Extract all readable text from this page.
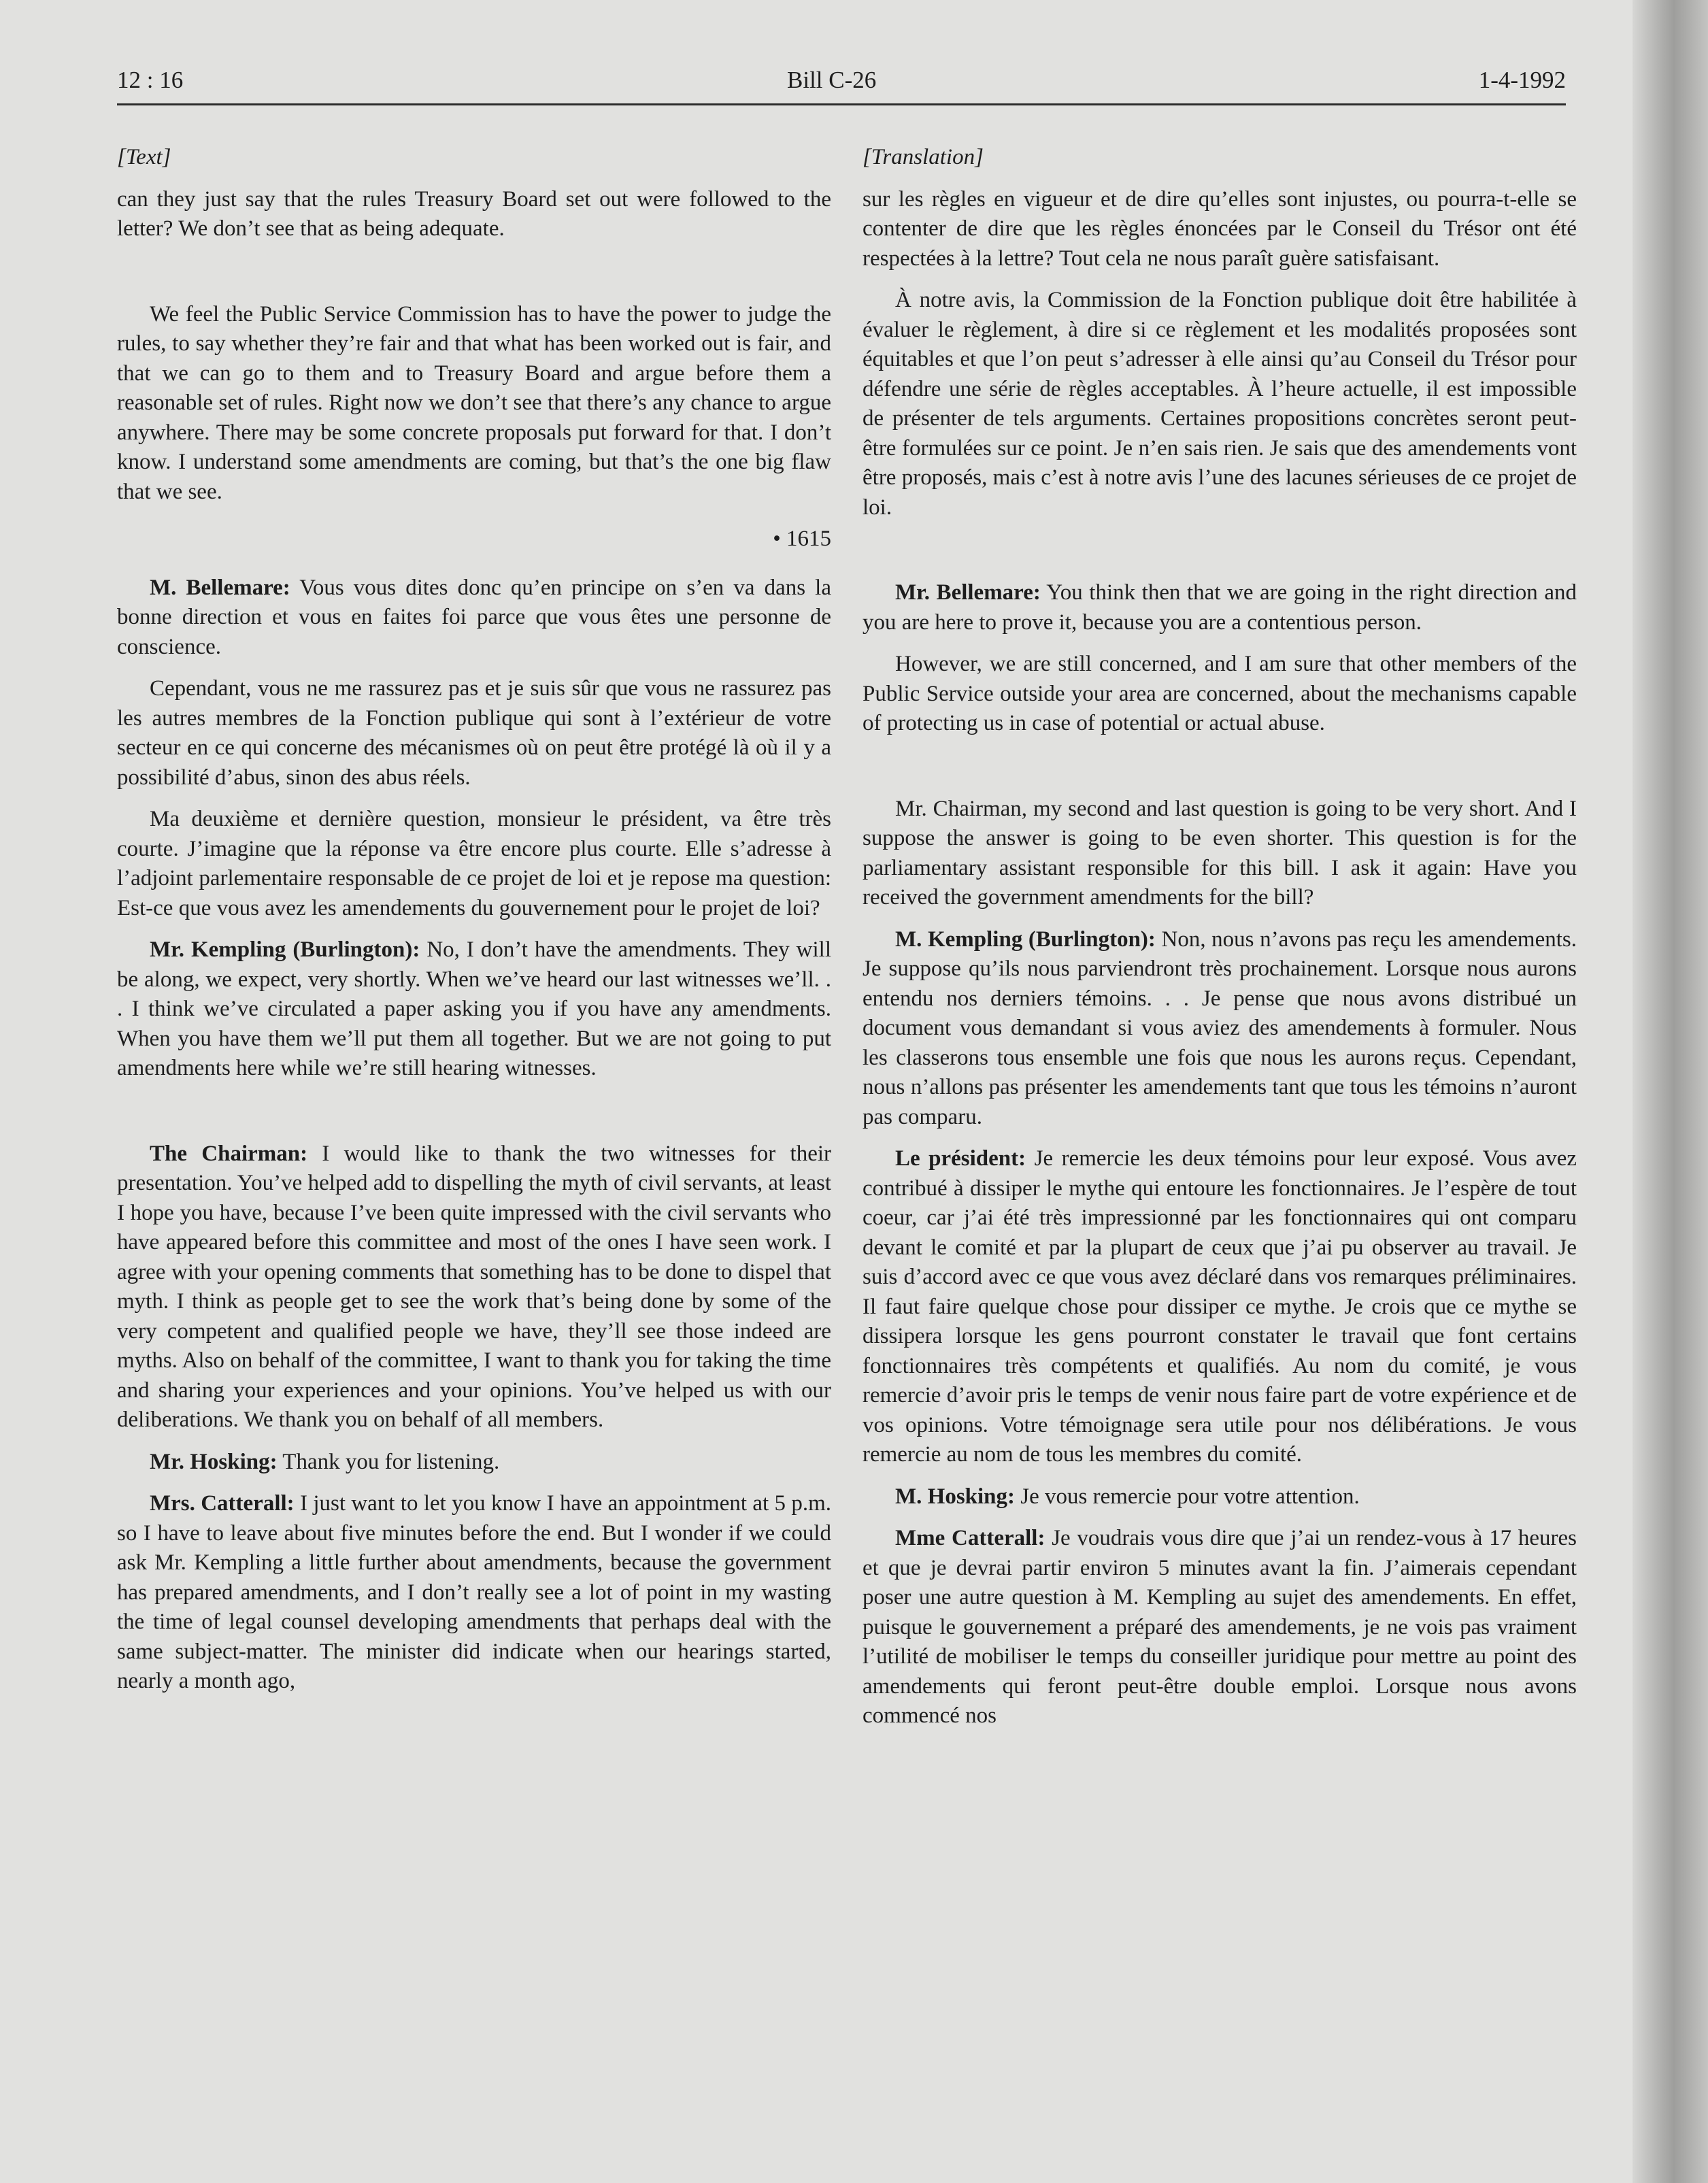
12 : 16	Bill C-26	1-4-1992

[Text]

can they just say that the rules Treasury Board set out were followed to the letter? We don’t see that as being adequate.

We feel the Public Service Commission has to have the power to judge the rules, to say whether they’re fair and that what has been worked out is fair, and that we can go to them and to Treasury Board and argue before them a reasonable set of rules. Right now we don’t see that there’s any chance to argue anywhere. There may be some concrete proposals put forward for that. I don’t know. I understand some amendments are coming, but that’s the one big flaw that we see.

• 1615

M. Bellemare: Vous vous dites donc qu’en principe on s’en va dans la bonne direction et vous en faites foi parce que vous êtes une personne de conscience.

Cependant, vous ne me rassurez pas et je suis sûr que vous ne rassurez pas les autres membres de la Fonction publique qui sont à l’extérieur de votre secteur en ce qui concerne des mécanismes où on peut être protégé là où il y a possibilité d’abus, sinon des abus réels.

Ma deuxième et dernière question, monsieur le président, va être très courte. J’imagine que la réponse va être encore plus courte. Elle s’adresse à l’adjoint parlementaire responsable de ce projet de loi et je repose ma question: Est-ce que vous avez les amendements du gouvernement pour le projet de loi?

Mr. Kempling (Burlington): No, I don’t have the amendments. They will be along, we expect, very shortly. When we’ve heard our last witnesses we’ll. . . I think we’ve circulated a paper asking you if you have any amendments. When you have them we’ll put them all together. But we are not going to put amendments here while we’re still hearing witnesses.

The Chairman: I would like to thank the two witnesses for their presentation. You’ve helped add to dispelling the myth of civil servants, at least I hope you have, because I’ve been quite impressed with the civil servants who have appeared before this committee and most of the ones I have seen work. I agree with your opening comments that something has to be done to dispel that myth. I think as people get to see the work that’s being done by some of the very competent and qualified people we have, they’ll see those indeed are myths. Also on behalf of the committee, I want to thank you for taking the time and sharing your experiences and your opinions. You’ve helped us with our deliberations. We thank you on behalf of all members.

Mr. Hosking: Thank you for listening.

Mrs. Catterall: I just want to let you know I have an appointment at 5 p.m. so I have to leave about five minutes before the end. But I wonder if we could ask Mr. Kempling a little further about amendments, because the government has prepared amendments, and I don’t really see a lot of point in my wasting the time of legal counsel developing amendments that perhaps deal with the same subject-matter. The minister did indicate when our hearings started, nearly a month ago,

[Translation]

sur les règles en vigueur et de dire qu’elles sont injustes, ou pourra-t-elle se contenter de dire que les règles énoncées par le Conseil du Trésor ont été respectées à la lettre? Tout cela ne nous paraît guère satisfaisant.

À notre avis, la Commission de la Fonction publique doit être habilitée à évaluer le règlement, à dire si ce règlement et les modalités proposées sont équitables et que l’on peut s’adresser à elle ainsi qu’au Conseil du Trésor pour défendre une série de règles acceptables. À l’heure actuelle, il est impossible de présenter de tels arguments. Certaines propositions concrètes seront peut-être formulées sur ce point. Je n’en sais rien. Je sais que des amendements vont être proposés, mais c’est à notre avis l’une des lacunes sérieuses de ce projet de loi.

Mr. Bellemare: You think then that we are going in the right direction and you are here to prove it, because you are a contentious person.

However, we are still concerned, and I am sure that other members of the Public Service outside your area are concerned, about the mechanisms capable of protecting us in case of potential or actual abuse.

Mr. Chairman, my second and last question is going to be very short. And I suppose the answer is going to be even shorter. This question is for the parliamentary assistant responsible for this bill. I ask it again: Have you received the government amendments for the bill?

M. Kempling (Burlington): Non, nous n’avons pas reçu les amendements. Je suppose qu’ils nous parviendront très prochainement. Lorsque nous aurons entendu nos derniers témoins. . . Je pense que nous avons distribué un document vous demandant si vous aviez des amendements à formuler. Nous les classerons tous ensemble une fois que nous les aurons reçus. Cependant, nous n’allons pas présenter les amendements tant que tous les témoins n’auront pas comparu.

Le président: Je remercie les deux témoins pour leur exposé. Vous avez contribué à dissiper le mythe qui entoure les fonctionnaires. Je l’espère de tout coeur, car j’ai été très impressionné par les fonctionnaires qui ont comparu devant le comité et par la plupart de ceux que j’ai pu observer au travail. Je suis d’accord avec ce que vous avez déclaré dans vos remarques préliminaires. Il faut faire quelque chose pour dissiper ce mythe. Je crois que ce mythe se dissipera lorsque les gens pourront constater le travail que font certains fonctionnaires très compétents et qualifiés. Au nom du comité, je vous remercie d’avoir pris le temps de venir nous faire part de votre expérience et de vos opinions. Votre témoignage sera utile pour nos délibérations. Je vous remercie au nom de tous les membres du comité.

M. Hosking: Je vous remercie pour votre attention.

Mme Catterall: Je voudrais vous dire que j’ai un rendez-vous à 17 heures et que je devrai partir environ 5 minutes avant la fin. J’aimerais cependant poser une autre question à M. Kempling au sujet des amendements. En effet, puisque le gouvernement a préparé des amendements, je ne vois pas vraiment l’utilité de mobiliser le temps du conseiller juridique pour mettre au point des amendements qui feront peut-être double emploi. Lorsque nous avons commencé nos
